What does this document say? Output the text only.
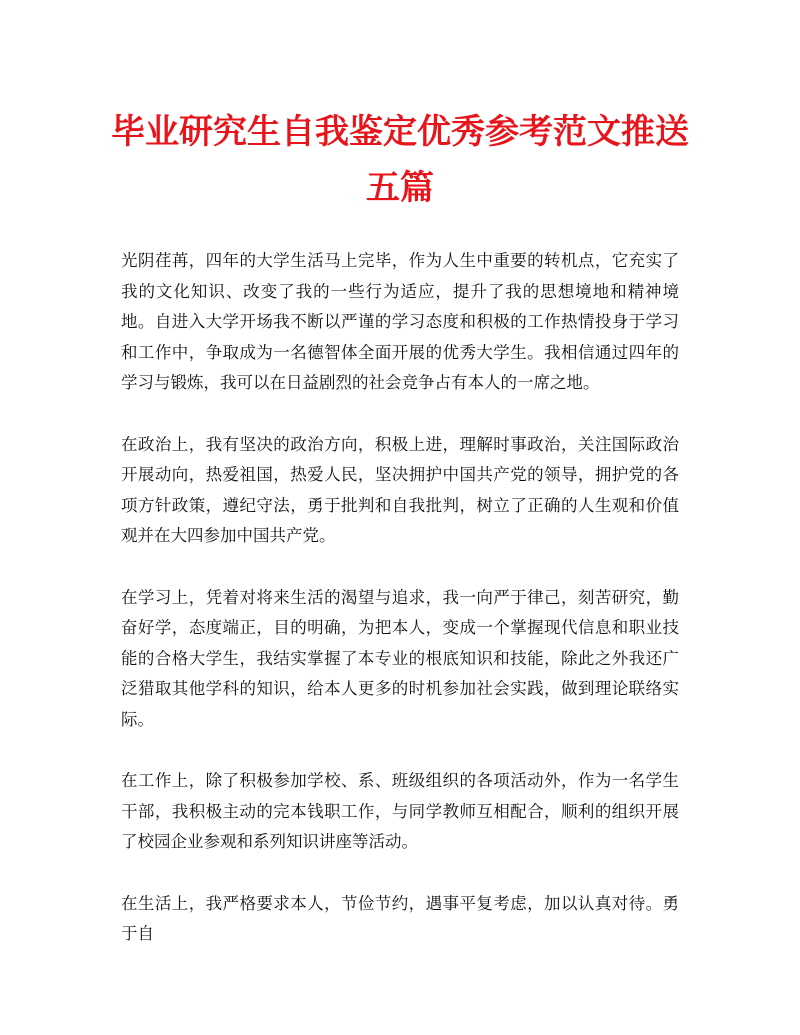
毕业研究生自我鉴定优秀参考范文推送五篇

光阴荏苒，四年的大学生活马上完毕，作为人生中重要的转机点，它充实了我的文化知识、改变了我的一些行为适应，提升了我的思想境地和精神境地。自进入大学开场我不断以严谨的学习态度和积极的工作热情投身于学习和工作中，争取成为一名德智体全面开展的优秀大学生。我相信通过四年的学习与锻炼，我可以在日益剧烈的社会竞争占有本人的一席之地。

在政治上，我有坚决的政治方向，积极上进，理解时事政治，关注国际政治开展动向，热爱祖国，热爱人民，坚决拥护中国共产党的领导，拥护党的各项方针政策，遵纪守法，勇于批判和自我批判，树立了正确的人生观和价值观并在大四参加中国共产党。

在学习上，凭着对将来生活的渴望与追求，我一向严于律己，刻苦研究，勤奋好学，态度端正，目的明确，为把本人，变成一个掌握现代信息和职业技能的合格大学生，我结实掌握了本专业的根底知识和技能，除此之外我还广泛猎取其他学科的知识，给本人更多的时机参加社会实践，做到理论联络实际。

在工作上，除了积极参加学校、系、班级组织的各项活动外，作为一名学生干部，我积极主动的完本钱职工作，与同学教师互相配合，顺利的组织开展了校园企业参观和系列知识讲座等活动。

在生活上，我严格要求本人，节俭节约，遇事平复考虑，加以认真对待。勇于自
